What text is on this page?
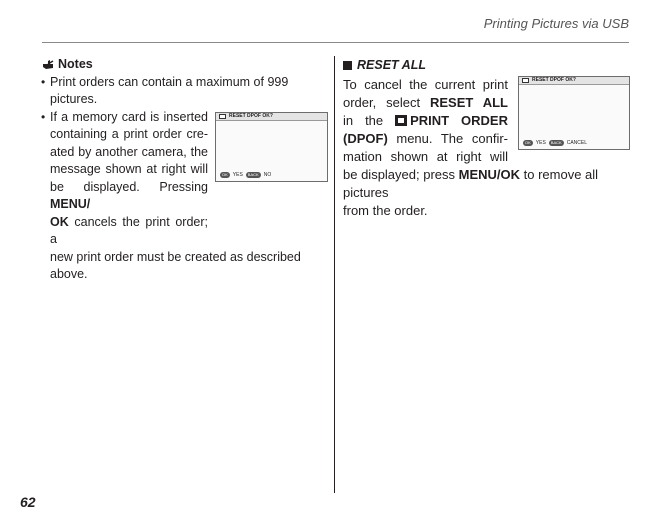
Printing Pictures via USB
62
Notes
• Print orders can contain a maximum of 999 pictures.
• If a memory card is inserted
containing a print order cre-
ated by another camera, the
message shown at right will
be displayed. Pressing MENU/
OK cancels the print order; a
RESET DPOF OK?
OK	YES	BACK	NO
new print order must be created as described above.
RESET ALL
To cancel the current print
order, select RESET ALL
in the PRINT ORDER
(DPOF) menu. The confir-
mation shown at right will
RESET DPOF OK?
OK	YES	BACK	CANCEL
be displayed; press MENU/OK to remove all pictures
from the order.
